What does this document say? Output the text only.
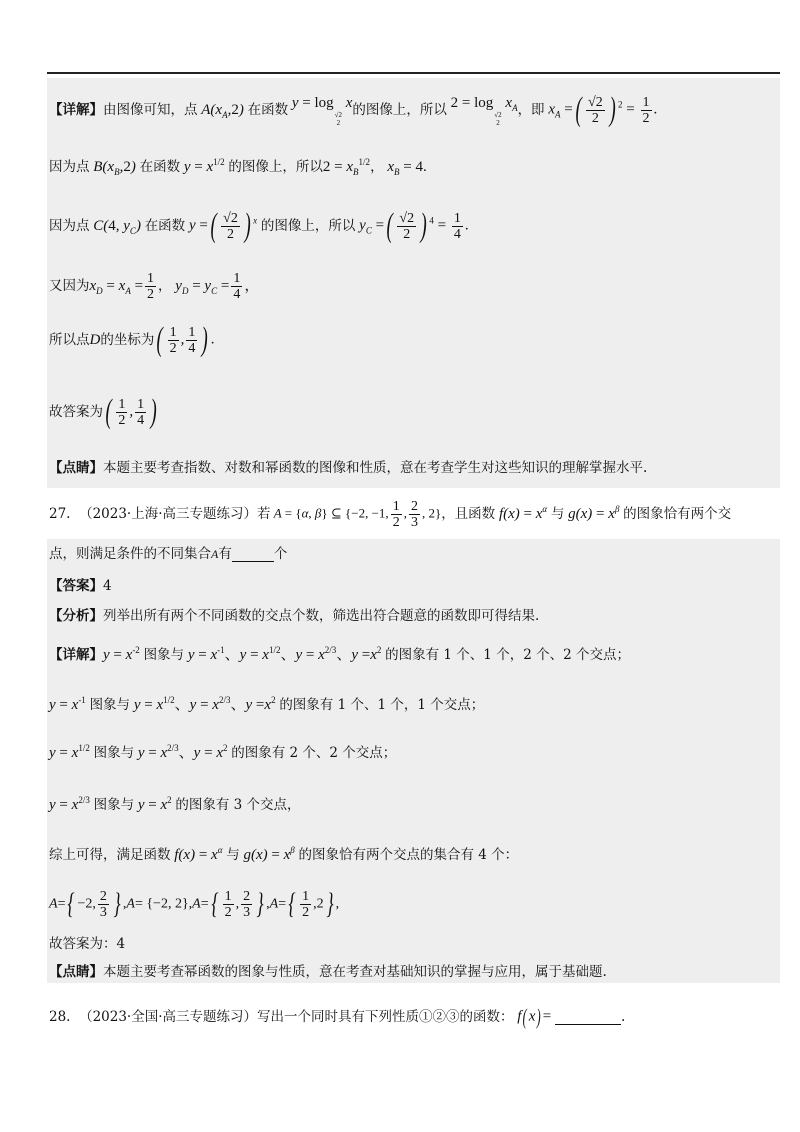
【详解】 由图像可知，点 $A(x_A,2)$ 在函数 y = log
√2
2
x 的图像上，所以 2 = log
√2
2
$x_A$ ，即 $x_A$ =( $\frac{√2}{2}$ ) $^2 = \frac{1}{2}$ .
因为点 $B(x_B,2)$ 在函数 $y = x^{1/2}$ 的图像上，所以 $2 = x_B^{1/2}$ ， $x_B = 4$.
因为点 C(4, $y_C$) 在函数 y =( $\frac{√2}{2}$ ) $^x$ 的图像上，所以 $y_C$ =( $\frac{√2}{2}$ ) $^4 = \frac{1}{4}$ .
又因为 $x_D = x_A = \frac{1}{2}$ ， $y_D = y_C = \frac{1}{4}$ ，
所以点 D 的坐标为 ( $\frac{1}{2}$ , $\frac{1}{4}$ ) .
故答案为 ( $\frac{1}{2}$ , $\frac{1}{4}$ )
【点睛】本题主要考查指数、对数和幂函数的图像和性质，意在考查学生对这些知识的理解掌握水平.
27.
（2023·上海·高三专题练习）若 A = {α, β} ⊆ {−2, −1, $\frac{1}{2}$ , $\frac{2}{3}$ , 2} ，且函数 $f(x) = x^\alpha$ 与 $g(x) = x^\beta$ 的图象恰有两个交
点，则满足条件的不同集合 A 有	个
【答案】4
【分析】列举出所有两个不同函数的交点个数，筛选出符合题意的函数即可得结果.
【详解】 $y = x^{-2}$ 图象与 $y = x^{-1}$、$y = x^{1/2}$、$y = x^{2/3}$、$y =x^2$ 的图象有 1 个、1 个，2 个、2 个交点；
$y = x^{-1}$ 图象与 $y = x^{1/2}$、$y = x^{2/3}$、$y =x^2$ 的图象有 1 个、1 个，1 个交点；
$y = x^{1/2}$ 图象与 $y = x^{2/3}$、$y = x^2$ 的图象有 2 个、2 个交点；
$y = x^{2/3}$ 图象与 $y = x^2$ 的图象有 3 个交点，
综上可得，满足函数 $f(x) = x^\alpha$ 与 $g(x) = x^\beta$ 的图象恰有两个交点的集合有 4 个：
A={ −2, $\frac{2}{3}$ } ,A= {−2, $2\},A=\{ \frac{1}{2}$ , $\frac{2}{3}$ } $,A=\{ \frac{1}{2} ,2\}$ ,
故答案为：4
【点睛】本题主要考查幂函数的图象与性质，意在考查对基础知识的掌握与应用，属于基础题.
28.
（2023·全国·高三专题练习）写出一个同时具有下列性质①②③的函数： f( x) =	.
